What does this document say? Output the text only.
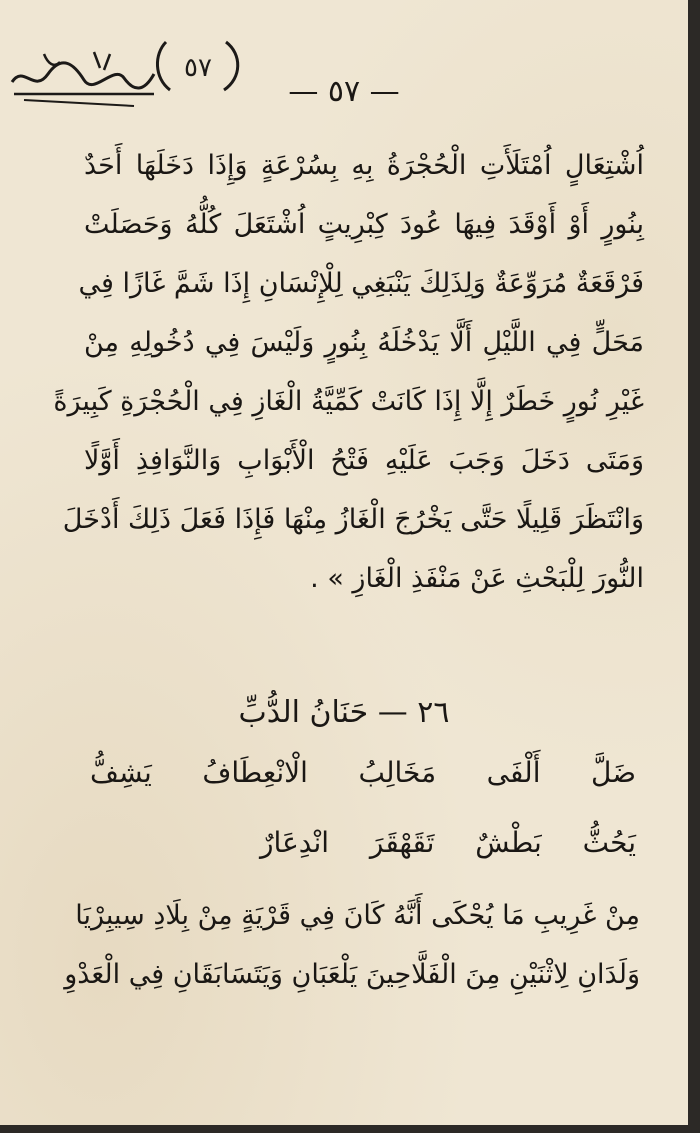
٥٧
— ٥٧ —
اُشْتِعَالٍ اُمْتَلَأَتِ الْحُجْرَةُ بِهِ بِسُرْعَةٍ وَإِذَا دَخَلَهَا أَحَدٌ
بِنُورٍ أَوْ أَوْقَدَ فِيهَا عُودَ كِبْرِيتٍ اُشْتَعَلَ كُلُّهُ وَحَصَلَتْ
فَرْقَعَةٌ مُرَوِّعَةٌ وَلِذَلِكَ يَنْبَغِي لِلْإِنْسَانِ إِذَا شَمَّ غَازًا فِي
مَحَلٍّ فِي اللَّيْلِ أَلَّا يَدْخُلَهُ بِنُورٍ وَلَيْسَ فِي دُخُولِهِ مِنْ
غَيْرِ نُورٍ خَطَرٌ إِلَّا إِذَا كَانَتْ كَمِّيَّةُ الْغَازِ فِي الْحُجْرَةِ كَبِيرَةً
وَمَتَى دَخَلَ وَجَبَ عَلَيْهِ فَتْحُ الْأَبْوَابِ وَالنَّوَافِذِ أَوَّلًا
وَانْتَظَرَ قَلِيلًا حَتَّى يَخْرُجَ الْغَازُ مِنْهَا فَإِذَا فَعَلَ ذَلِكَ أَدْخَلَ
النُّورَ لِلْبَحْثِ عَنْ مَنْفَذِ الْغَازِ » .
٢٦ — حَنَانُ الدُّبِّ
ضَلَّ
أَلْفَى
مَخَالِبُ
الْانْعِطَافُ
يَشِفُّ
يَحُثُّ
بَطْشٌ
تَقَهْقَرَ
انْدِعَارٌ
مِنْ غَرِيبِ مَا يُحْكَى أَنَّهُ كَانَ فِي قَرْيَةٍ مِنْ بِلَادِ سِيبِرْيَا
وَلَدَانِ لِاثْنَيْنِ مِنَ الْفَلَّاحِينَ يَلْعَبَانِ وَيَتَسَابَقَانِ فِي الْعَدْوِ
